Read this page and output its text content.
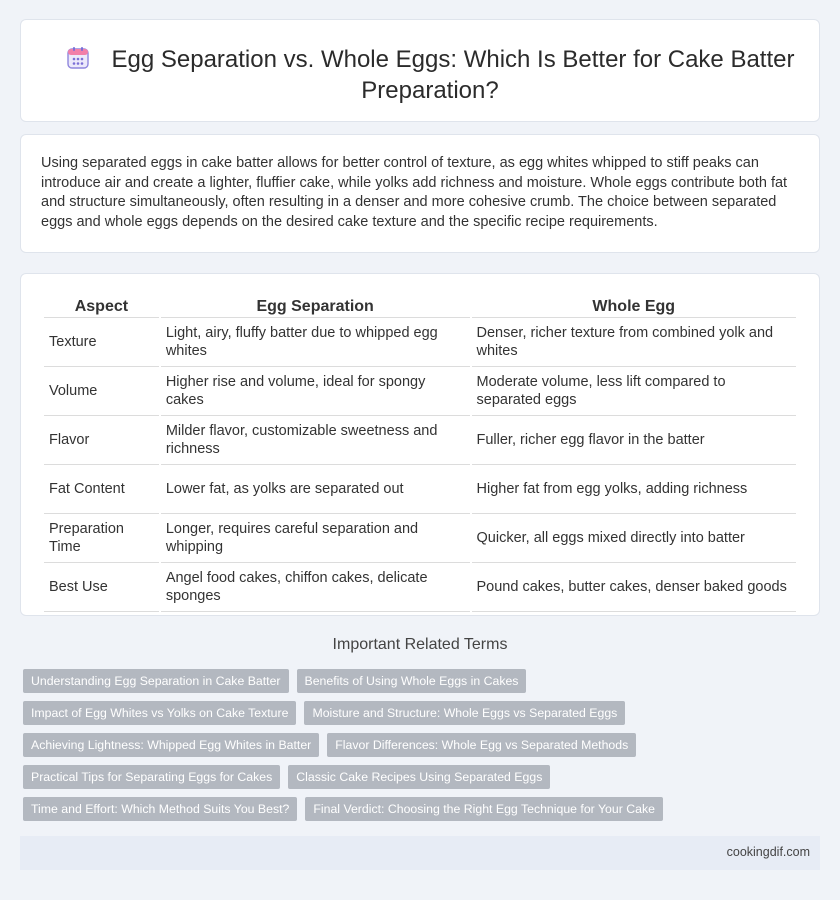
Egg Separation vs. Whole Eggs: Which Is Better for Cake Batter Preparation?

Using separated eggs in cake batter allows for better control of texture, as egg whites whipped to stiff peaks can introduce air and create a lighter, fluffier cake, while yolks add richness and moisture. Whole eggs contribute both fat and structure simultaneously, often resulting in a denser and more cohesive crumb. The choice between separated eggs and whole eggs depends on the desired cake texture and the specific recipe requirements.

Aspect	Egg Separation	Whole Egg
Texture	Light, airy, fluffy batter due to whipped egg whites	Denser, richer texture from combined yolk and whites
Volume	Higher rise and volume, ideal for spongy cakes	Moderate volume, less lift compared to separated eggs
Flavor	Milder flavor, customizable sweetness and richness	Fuller, richer egg flavor in the batter
Fat Content	Lower fat, as yolks are separated out	Higher fat from egg yolks, adding richness
Preparation Time	Longer, requires careful separation and whipping	Quicker, all eggs mixed directly into batter
Best Use	Angel food cakes, chiffon cakes, delicate sponges	Pound cakes, butter cakes, denser baked goods
Important Related Terms
Understanding Egg Separation in Cake Batter	Benefits of Using Whole Eggs in Cakes
Impact of Egg Whites vs Yolks on Cake Texture	Moisture and Structure: Whole Eggs vs Separated Eggs
Achieving Lightness: Whipped Egg Whites in Batter	Flavor Differences: Whole Egg vs Separated Methods
Practical Tips for Separating Eggs for Cakes	Classic Cake Recipes Using Separated Eggs
Time and Effort: Which Method Suits You Best?	Final Verdict: Choosing the Right Egg Technique for Your Cake
cookingdif.com
